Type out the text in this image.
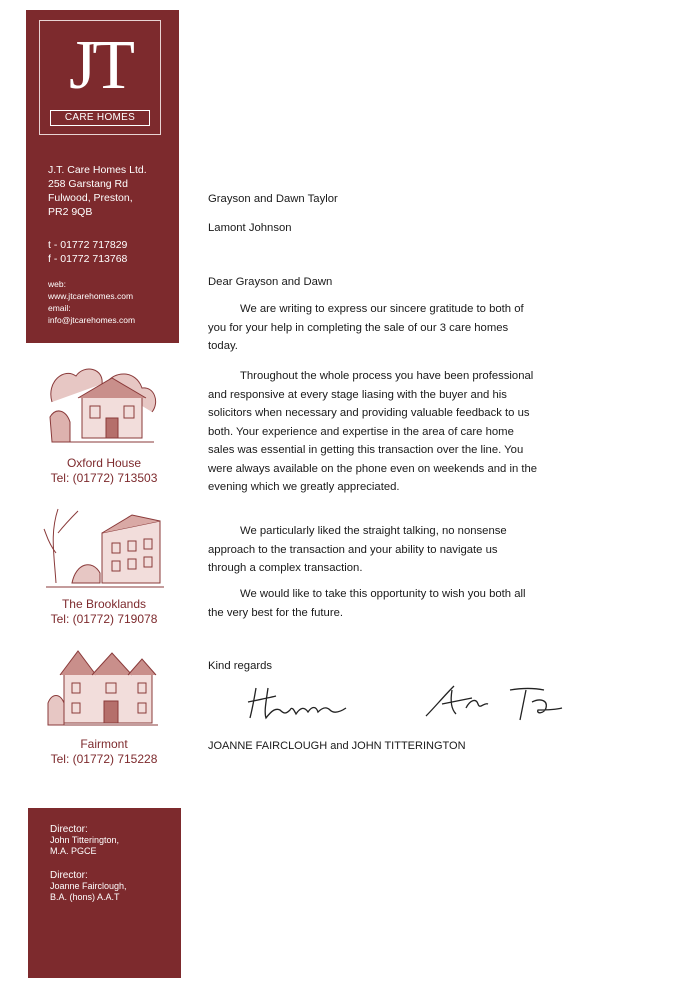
JT
CARE HOMES
J.T. Care Homes Ltd.
258 Garstang Rd
Fulwood, Preston,
PR2 9QB
t - 01772 717829
f - 01772 713768
web:
www.jtcarehomes.com
email:
info@jtcarehomes.com
Oxford House
Tel: (01772) 713503
The Brooklands
Tel: (01772) 719078
Fairmont
Tel: (01772) 715228
Director:
John Titterington,
M.A. PGCE
Director:
Joanne Fairclough,
B.A. (hons) A.A.T
Grayson and Dawn Taylor
Lamont Johnson
Dear Grayson and Dawn

We are writing to express our sincere gratitude to both of you for your help in completing the sale of our 3 care homes today.

Throughout the whole process you have been professional and responsive at every stage liasing with the buyer and his solicitors when necessary and providing valuable feedback to us both. Your experience and expertise in the area of care home sales was essential in getting this transaction over the line. You were always available on the phone even on weekends and in the evening which we greatly appreciated.

We particularly liked the straight talking, no nonsense approach to the transaction and your ability to navigate us through a complex transaction.

We would like to take this opportunity to wish you both all the very best for the future.

Kind regards
JOANNE FAIRCLOUGH and JOHN TITTERINGTON
